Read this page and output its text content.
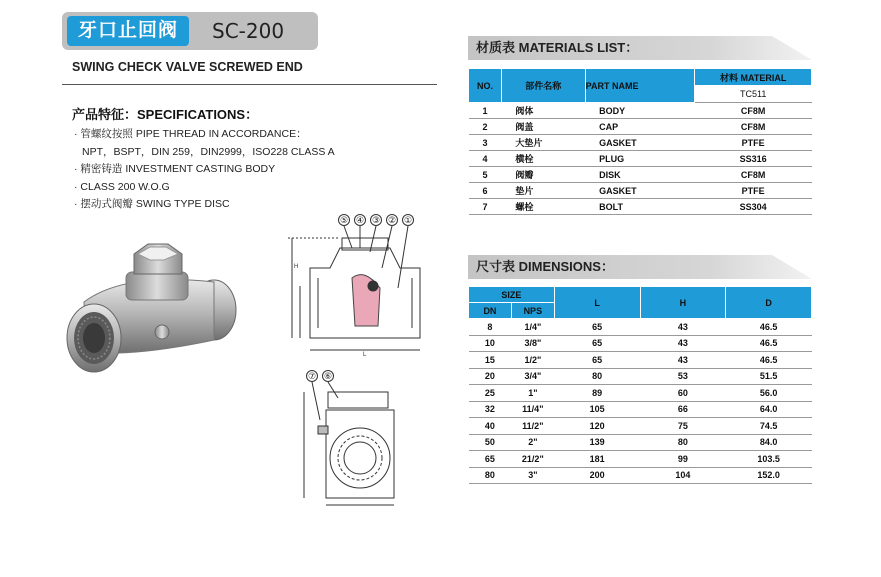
牙口止回阀	SC-200
SWING CHECK VALVE SCREWED END
产品特征：SPECIFICATIONS：
· 管螺纹按照 PIPE THREAD IN ACCORDANCE：
NPT，BSPT，DIN 259，DIN2999，ISO228 CLASS A
· 精密铸造 INVESTMENT CASTING BODY
· CLASS 200 W.O.G
· 摆动式阀瓣 SWING TYPE DISC
H
L
⑤ ④ ③ ② ①
⑦ ⑥
材质表 MATERIALS LIST：
NO.	部件名称	PART NAME	材料 MATERIAL
			TC511
1	阀体	BODY	CF8M
2	阀盖	CAP	CF8M
3	大垫片	GASKET	PTFE
4	横栓	PLUG	SS316
5	阀瓣	DISK	CF8M
6	垫片	GASKET	PTFE
7	螺栓	BOLT	SS304
尺寸表 DIMENSIONS：
SIZE		L	H	D
DN	NPS			
8	1/4"	65	43	46.5
10	3/8"	65	43	46.5
15	1/2"	65	43	46.5
20	3/4"	80	53	51.5
25	1"	89	60	56.0
32	11/4"	105	66	64.0
40	11/2"	120	75	74.5
50	2"	139	80	84.0
65	21/2"	181	99	103.5
80	3"	200	104	152.0
